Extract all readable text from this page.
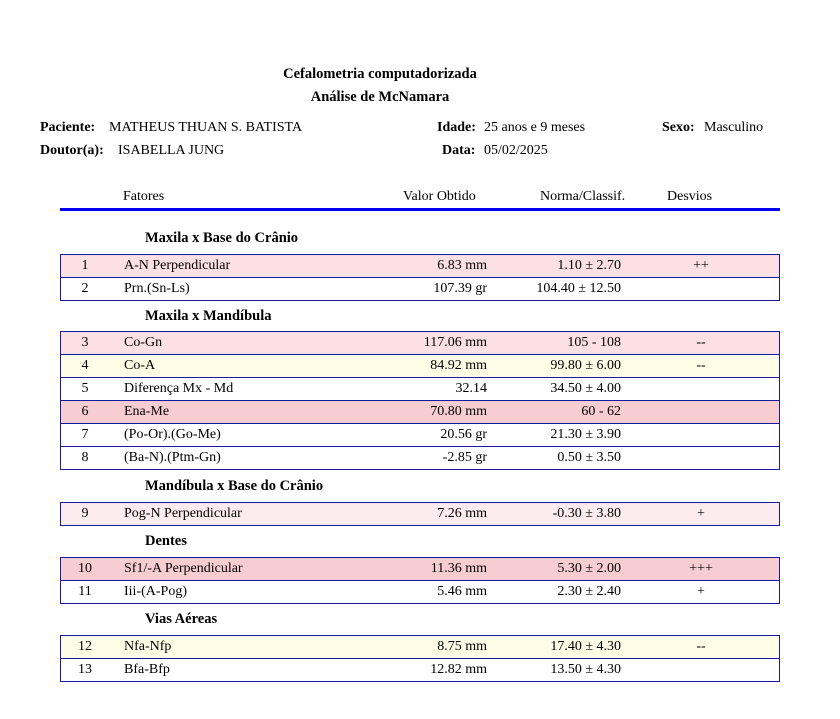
Cefalometria computadorizada
Análise de McNamara
Paciente: MATHEUS THUAN S. BATISTA	Idade: 25 anos e 9 meses	Sexo: Masculino
Doutor(a): ISABELLA JUNG	Data: 05/02/2025
Fatores	Valor Obtido	Norma/Classif.	Desvios
Maxila x Base do Crânio
1	A-N Perpendicular	6.83 mm	1.10 ± 2.70	++
2	Prn.(Sn-Ls)	107.39 gr	104.40 ± 12.50
Maxila x Mandíbula
3	Co-Gn	117.06 mm	105 - 108	--
4	Co-A	84.92 mm	99.80 ± 6.00	--
5	Diferença Mx - Md	32.14	34.50 ± 4.00
6	Ena-Me	70.80 mm	60 - 62
7	(Po-Or).(Go-Me)	20.56 gr	21.30 ± 3.90
8	(Ba-N).(Ptm-Gn)	-2.85 gr	0.50 ± 3.50
Mandíbula x Base do Crânio
9	Pog-N Perpendicular	7.26 mm	-0.30 ± 3.80	+
Dentes
10	Sf1/-A Perpendicular	11.36 mm	5.30 ± 2.00	+++
11	Iii-(A-Pog)	5.46 mm	2.30 ± 2.40	+
Vias Aéreas
12	Nfa-Nfp	8.75 mm	17.40 ± 4.30	--
13	Bfa-Bfp	12.82 mm	13.50 ± 4.30
